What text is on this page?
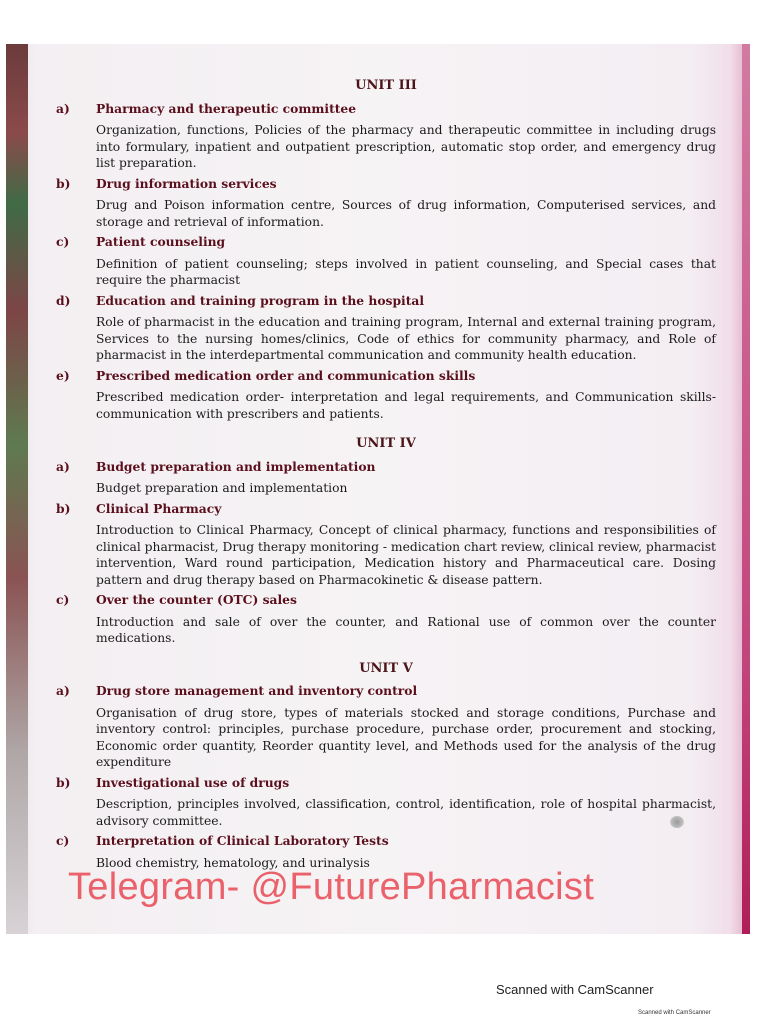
UNIT III
a)	Pharmacy and therapeutic committee
Organization, functions, Policies of the pharmacy and therapeutic committee in including drugs into formulary, inpatient and outpatient prescription, automatic stop order, and emergency drug list preparation.
b)	Drug information services
Drug and Poison information centre, Sources of drug information, Computerised services, and storage and retrieval of information.
c)	Patient counseling
Definition of patient counseling; steps involved in patient counseling, and Special cases that require the pharmacist
d)	Education and training program in the hospital
Role of pharmacist in the education and training program, Internal and external training program, Services to the nursing homes/clinics, Code of ethics for community pharmacy, and Role of pharmacist in the interdepartmental communication and community health education.
e)	Prescribed medication order and communication skills
Prescribed medication order- interpretation and legal requirements, and Communication skills- communication with prescribers and patients.
UNIT IV
a)	Budget preparation and implementation
Budget preparation and implementation
b)	Clinical Pharmacy
Introduction to Clinical Pharmacy, Concept of clinical pharmacy, functions and responsibilities of clinical pharmacist, Drug therapy monitoring - medication chart review, clinical review, pharmacist intervention, Ward round participation, Medication history and Pharmaceutical care. Dosing pattern and drug therapy based on Pharmacokinetic & disease pattern.
c)	Over the counter (OTC) sales
Introduction and sale of over the counter, and Rational use of common over the counter medications.
UNIT V
a)	Drug store management and inventory control
Organisation of drug store, types of materials stocked and storage conditions, Purchase and inventory control: principles, purchase procedure, purchase order, procurement and stocking, Economic order quantity, Reorder quantity level, and Methods used for the analysis of the drug expenditure
b)	Investigational use of drugs
Description, principles involved, classification, control, identification, role of hospital pharmacist, advisory committee.
c)	Interpretation of Clinical Laboratory Tests
Blood chemistry, hematology, and urinalysis
Telegram- @FuturePharmacist
Scanned with CamScanner
Scanned with CamScanner
